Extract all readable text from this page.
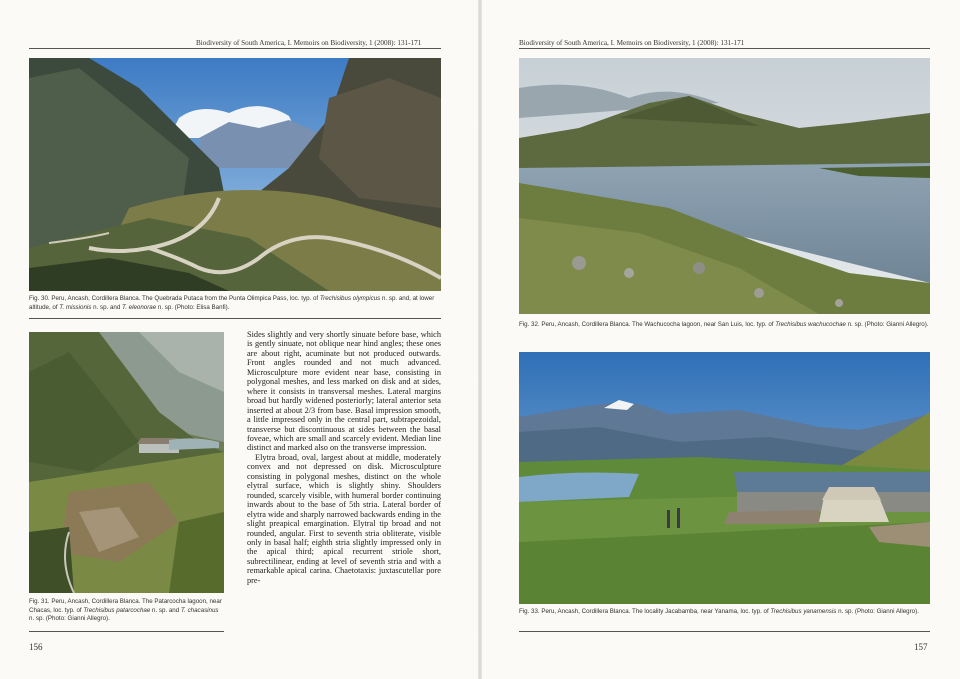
Biodiversity of South America, I. Memoirs on Biodiversity, 1 (2008): 131-171	Biodiversity of South America, I. Memoirs on Biodiversity, 1 (2008): 131-171
Fig. 30. Peru, Ancash, Cordillera Blanca. The Quebrada Putaca from the Punta Olimpica Pass, loc. typ. of Trechisibus olympicus n. sp. and, at lower altitude, of T. missionis n. sp. and T. eleonorae n. sp. (Photo: Elisa Banfi).
Fig. 31. Peru, Ancash, Cordillera Blanca. The Patarcocha lagoon, near Chacas, loc. typ. of Trechisibus patarcochae n. sp. and T. chacasinus n. sp. (Photo: Gianni Allegro).

Sides slightly and very shortly sinuate before base, which is gently sinuate, not oblique near hind angles; these ones are about right, acuminate but not produced outwards. Front angles rounded and not much advanced. Microsculpture more evident near base, consisting in polygonal meshes, and less marked on disk and at sides, where it consists in transversal meshes. Lateral margins broad but hardly widened posteriorly; lateral anterior seta inserted at about 2/3 from base. Basal impression smooth, a little impressed only in the central part, subtrapezoidal, transverse but discontinuous at sides between the basal foveae, which are small and scarcely evident. Median line distinct and marked also on the transverse impression.

Elytra broad, oval, largest about at middle, moderately convex and not depressed on disk. Microsculpture consisting in polygonal meshes, distinct on the whole elytral surface, which is slightly shiny. Shoulders rounded, scarcely visible, with humeral border continuing inwards about to the base of 5th stria. Lateral border of elytra wide and sharply narrowed backwards ending in the slight preapical emargination. Elytral tip broad and not rounded, angular. First to seventh stria obliterate, visible only in basal half; eighth stria slightly impressed only in the apical third; apical recurrent striole short, subrectilinear, ending at level of seventh stria and with a remarkable apical carina. Chaetotaxis: juxtascutellar pore pre-

Fig. 32. Peru, Ancash, Cordillera Blanca. The Wachucocha lagoon, near San Luis, loc. typ. of Trechisibus wachucochae n. sp. (Photo: Gianni Allegro).
Fig. 33. Peru, Ancash, Cordillera Blanca. The locality Jacabamba, near Yanama, loc. typ. of Trechisibus yanamensis n. sp. (Photo: Gianni Allegro).
156	157
